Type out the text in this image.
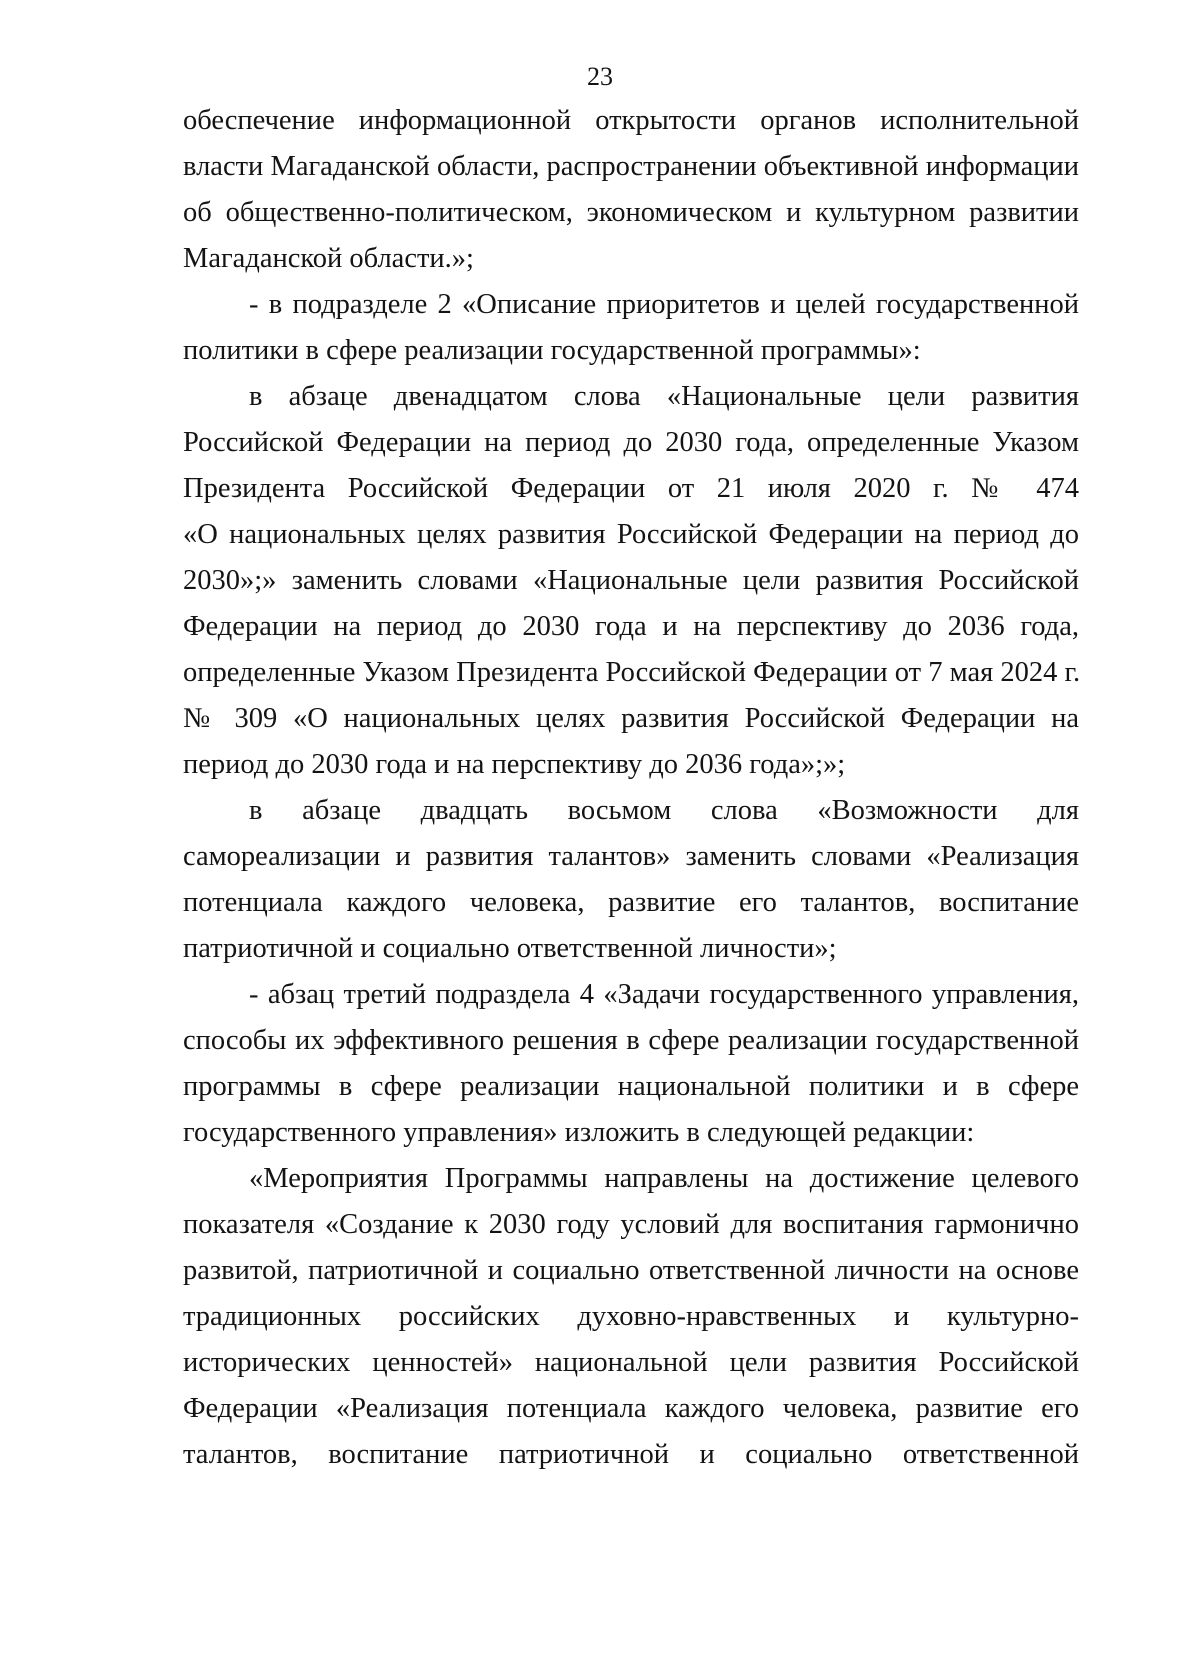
23
обеспечение информационной открытости органов исполнительной
власти Магаданской области, распространении объективной информации
об общественно-политическом, экономическом и культурном развитии
Магаданской области.»;
- в подразделе 2 «Описание приоритетов и целей государственной
политики в сфере реализации государственной программы»:
в абзаце двенадцатом слова «Национальные цели развития
Российской Федерации на период до 2030 года, определенные Указом
Президента Российской Федерации от 21 июля 2020 г. № 474
«О национальных целях развития Российской Федерации на период до
2030»;» заменить словами «Национальные цели развития Российской
Федерации на период до 2030 года и на перспективу до 2036 года,
определенные Указом Президента Российской Федерации от 7 мая 2024 г.
№ 309 «О национальных целях развития Российской Федерации на
период до 2030 года и на перспективу до 2036 года»;»;
в абзаце двадцать восьмом слова «Возможности для
самореализации и развития талантов» заменить словами «Реализация
потенциала каждого человека, развитие его талантов, воспитание
патриотичной и социально ответственной личности»;
- абзац третий подраздела 4 «Задачи государственного управления,
способы их эффективного решения в сфере реализации государственной
программы в сфере реализации национальной политики и в сфере
государственного управления» изложить в следующей редакции:
«Мероприятия Программы направлены на достижение целевого
показателя «Создание к 2030 году условий для воспитания гармонично
развитой, патриотичной и социально ответственной личности на основе
традиционных российских духовно-нравственных и культурно-
исторических ценностей» национальной цели развития Российской
Федерации «Реализация потенциала каждого человека, развитие его
талантов, воспитание патриотичной и социально ответственной
